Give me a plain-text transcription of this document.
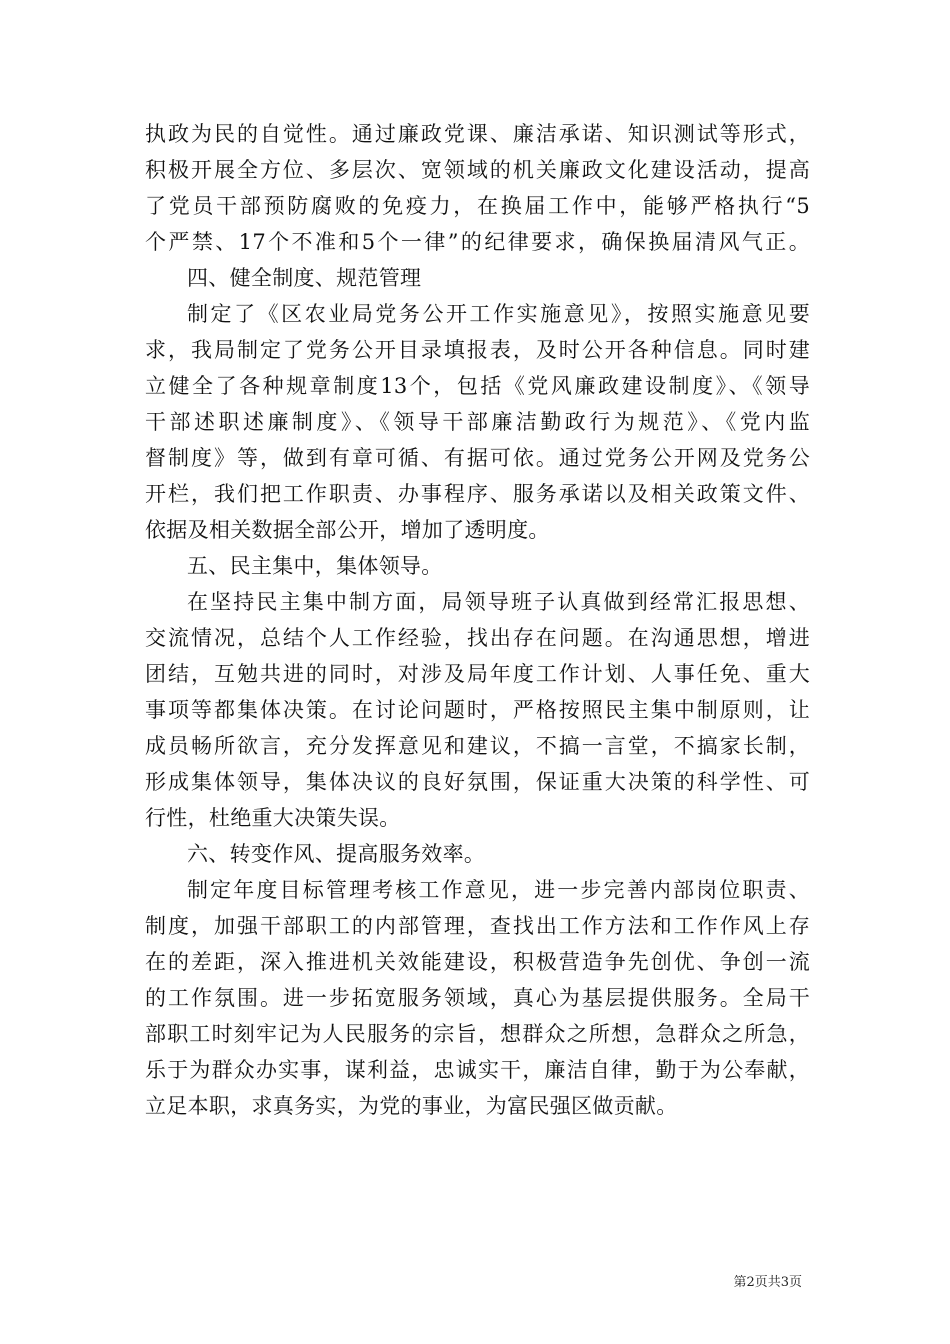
执政为民的自觉性。通过廉政党课、廉洁承诺、知识测试等形式，
积极开展全方位、多层次、宽领域的机关廉政文化建设活动，提高
了党员干部预防腐败的免疫力，在换届工作中，能够严格执行“5
个严禁、17个不准和5个一律”的纪律要求，确保换届清风气正。
四、健全制度、规范管理
制定了《区农业局党务公开工作实施意见》，按照实施意见要
求，我局制定了党务公开目录填报表，及时公开各种信息。同时建
立健全了各种规章制度13个，包括《党风廉政建设制度》、《领导
干部述职述廉制度》、《领导干部廉洁勤政行为规范》、《党内监
督制度》等，做到有章可循、有据可依。通过党务公开网及党务公
开栏，我们把工作职责、办事程序、服务承诺以及相关政策文件、
依据及相关数据全部公开，增加了透明度。
五、民主集中，集体领导。
在坚持民主集中制方面，局领导班子认真做到经常汇报思想、
交流情况，总结个人工作经验，找出存在问题。在沟通思想，增进
团结，互勉共进的同时，对涉及局年度工作计划、人事任免、重大
事项等都集体决策。在讨论问题时，严格按照民主集中制原则，让
成员畅所欲言，充分发挥意见和建议，不搞一言堂，不搞家长制，
形成集体领导，集体决议的良好氛围，保证重大决策的科学性、可
行性，杜绝重大决策失误。
六、转变作风、提高服务效率。
制定年度目标管理考核工作意见，进一步完善内部岗位职责、
制度，加强干部职工的内部管理，查找出工作方法和工作作风上存
在的差距，深入推进机关效能建设，积极营造争先创优、争创一流
的工作氛围。进一步拓宽服务领域，真心为基层提供服务。全局干
部职工时刻牢记为人民服务的宗旨，想群众之所想，急群众之所急，
乐于为群众办实事，谋利益，忠诚实干，廉洁自律，勤于为公奉献，
立足本职，求真务实，为党的事业，为富民强区做贡献。
第2页共3页
